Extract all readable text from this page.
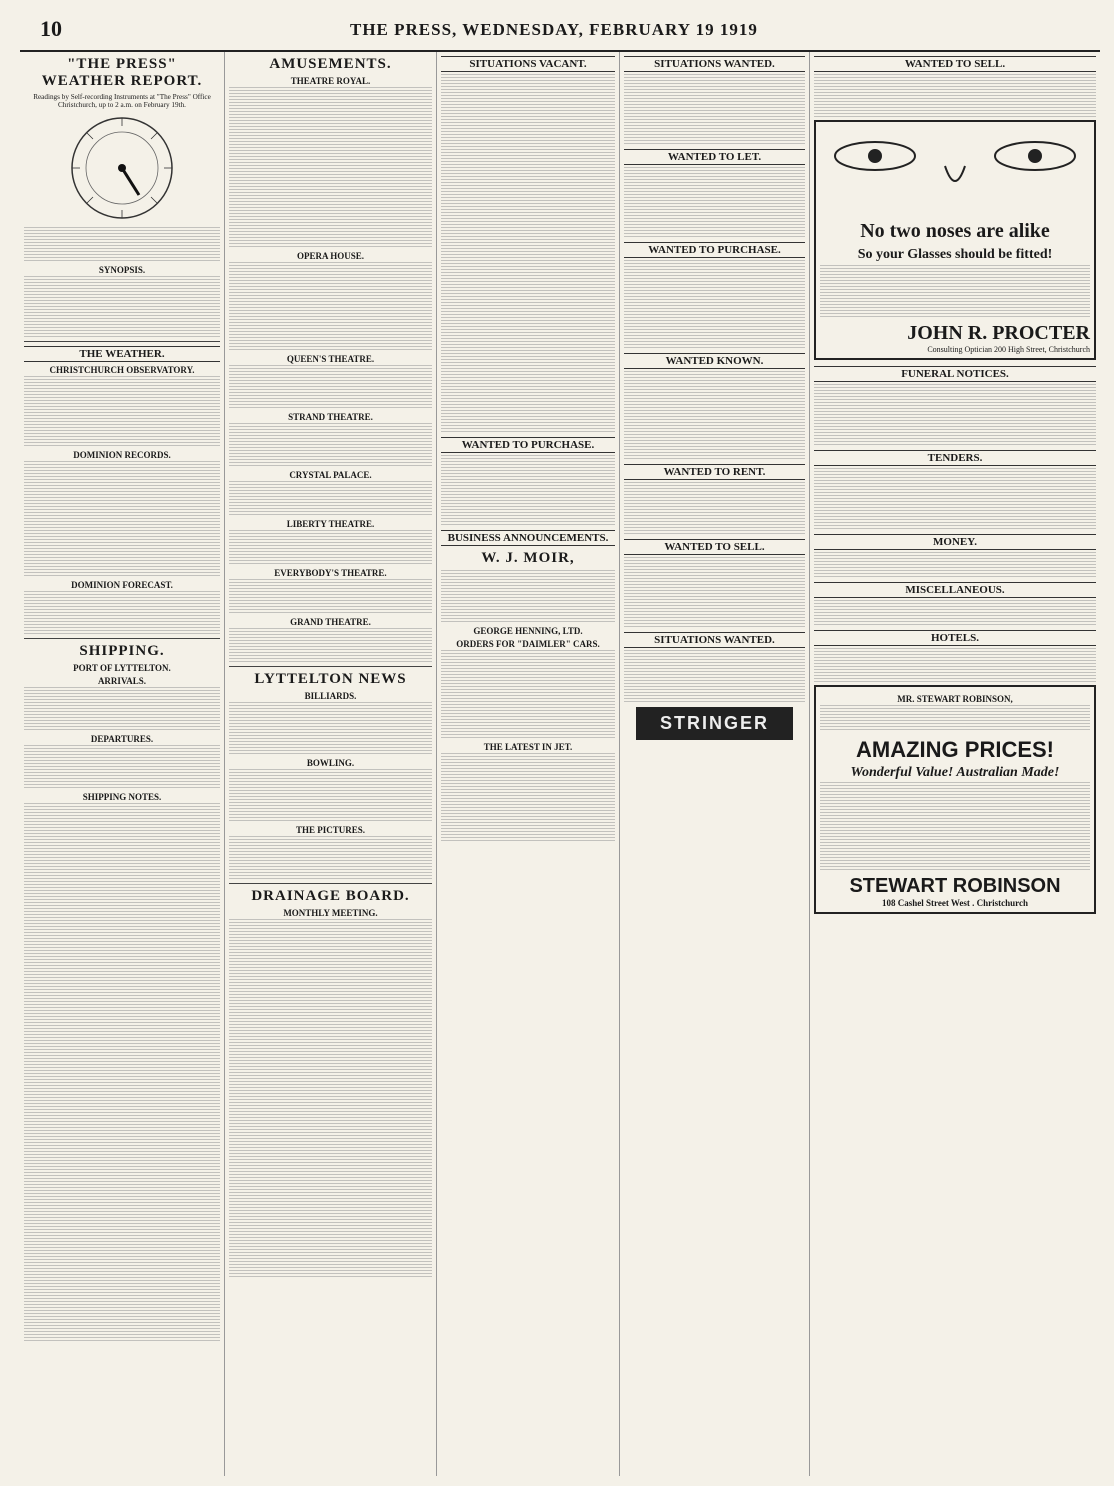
10	THE PRESS, WEDNESDAY, FEBRUARY 19 1919
"THE PRESS" WEATHER REPORT.
Readings by Self-recording Instruments at "The Press" Office Christchurch, up to 2 a.m. on February 19th.
SYNOPSIS.
THE WEATHER.
CHRISTCHURCH OBSERVATORY.
DOMINION RECORDS.
DOMINION FORECAST.
SHIPPING.
PORT OF LYTTELTON.
ARRIVALS.
DEPARTURES.
SHIPPING NOTES.
AMUSEMENTS.
THEATRE ROYAL.
OPERA HOUSE.
QUEEN'S THEATRE.
STRAND THEATRE.
CRYSTAL PALACE.
LIBERTY THEATRE.
EVERYBODY'S THEATRE.
GRAND THEATRE.
LYTTELTON NEWS
BILLIARDS.
BOWLING.
THE PICTURES.
DRAINAGE BOARD.
MONTHLY MEETING.
SITUATIONS VACANT.
WANTED TO PURCHASE.
BUSINESS ANNOUNCEMENTS.
W. J. MOIR,
GEORGE HENNING, LTD.
ORDERS FOR "DAIMLER" CARS.
THE LATEST IN JET.
SITUATIONS WANTED.
WANTED TO LET.
WANTED TO PURCHASE.
WANTED KNOWN.
WANTED TO RENT.
WANTED TO SELL.
SITUATIONS WANTED.
STRINGER
WANTED TO SELL.
No two noses are alike
So your Glasses should be fitted!
JOHN R. PROCTER
Consulting Optician 200 High Street, Christchurch
FUNERAL NOTICES.
TENDERS.
MONEY.
MISCELLANEOUS.
HOTELS.
MR. STEWART ROBINSON,
AMAZING PRICES!
Wonderful Value! Australian Made!
STEWART ROBINSON
108 Cashel Street West . Christchurch
